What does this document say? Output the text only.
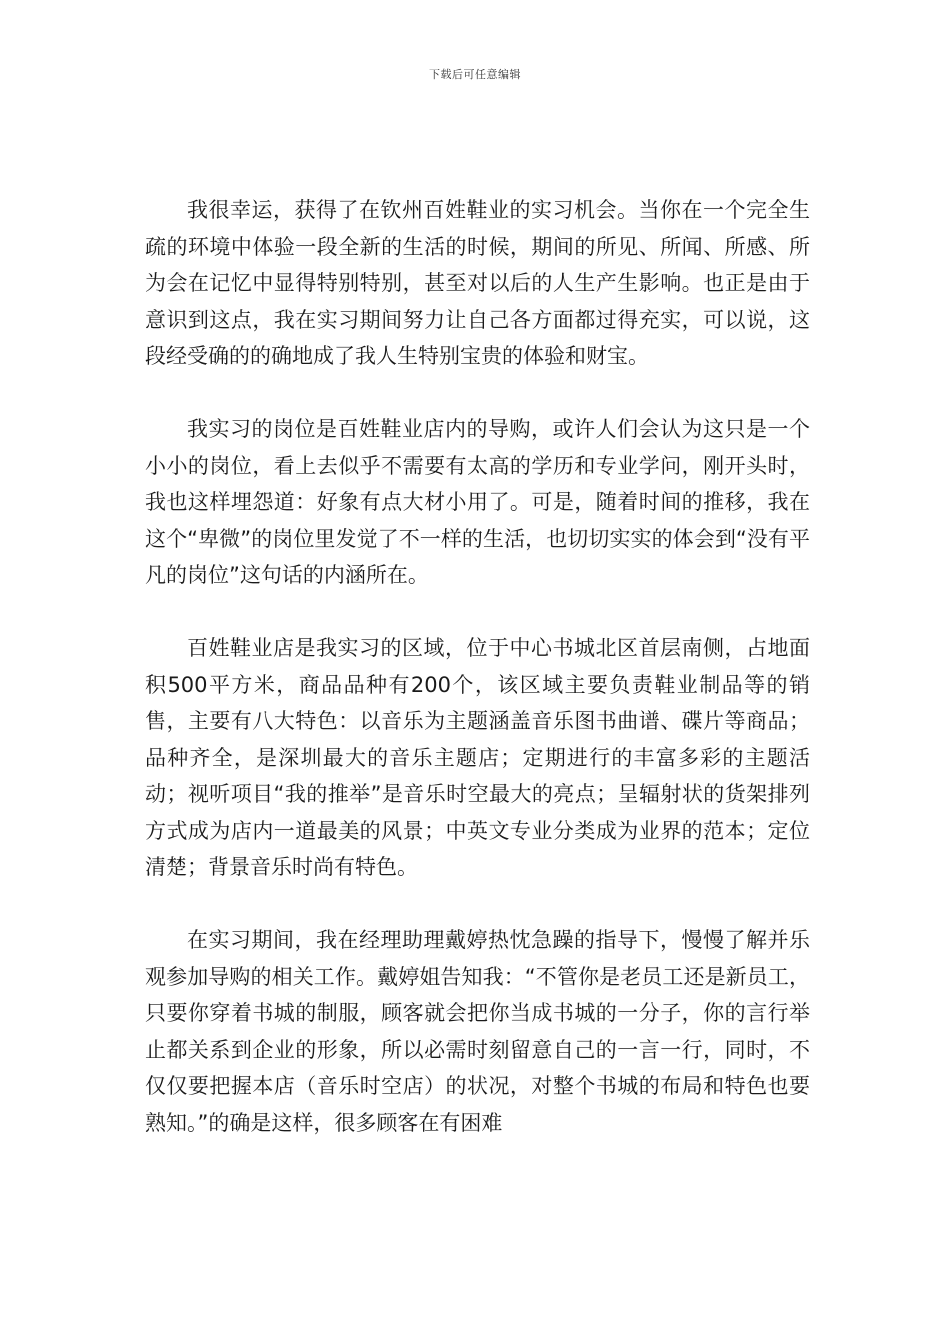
下载后可任意编辑

我很幸运，获得了在钦州百姓鞋业的实习机会。当你在一个完全生疏的环境中体验一段全新的生活的时候，期间的所见、所闻、所感、所为会在记忆中显得特别特别，甚至对以后的人生产生影响。也正是由于意识到这点，我在实习期间努力让自己各方面都过得充实，可以说，这段经受确的的确地成了我人生特别宝贵的体验和财宝。

我实习的岗位是百姓鞋业店内的导购，或许人们会认为这只是一个小小的岗位，看上去似乎不需要有太高的学历和专业学问，刚开头时，我也这样埋怨道：好象有点大材小用了。可是，随着时间的推移，我在这个“卑微”的岗位里发觉了不一样的生活，也切切实实的体会到“没有平凡的岗位”这句话的内涵所在。

百姓鞋业店是我实习的区域，位于中心书城北区首层南侧，占地面积500平方米，商品品种有200个，该区域主要负责鞋业制品等的销售，主要有八大特色：以音乐为主题涵盖音乐图书曲谱、碟片等商品；品种齐全，是深圳最大的音乐主题店；定期进行的丰富多彩的主题活动；视听项目“我的推举”是音乐时空最大的亮点；呈辐射状的货架排列方式成为店内一道最美的风景；中英文专业分类成为业界的范本；定位清楚；背景音乐时尚有特色。

在实习期间，我在经理助理戴婷热忱急躁的指导下，慢慢了解并乐观参加导购的相关工作。戴婷姐告知我：“不管你是老员工还是新员工，只要你穿着书城的制服，顾客就会把你当成书城的一分子，你的言行举止都关系到企业的形象，所以必需时刻留意自己的一言一行，同时，不仅仅要把握本店（音乐时空店）的状况，对整个书城的布局和特色也要熟知。”的确是这样，很多顾客在有困难
